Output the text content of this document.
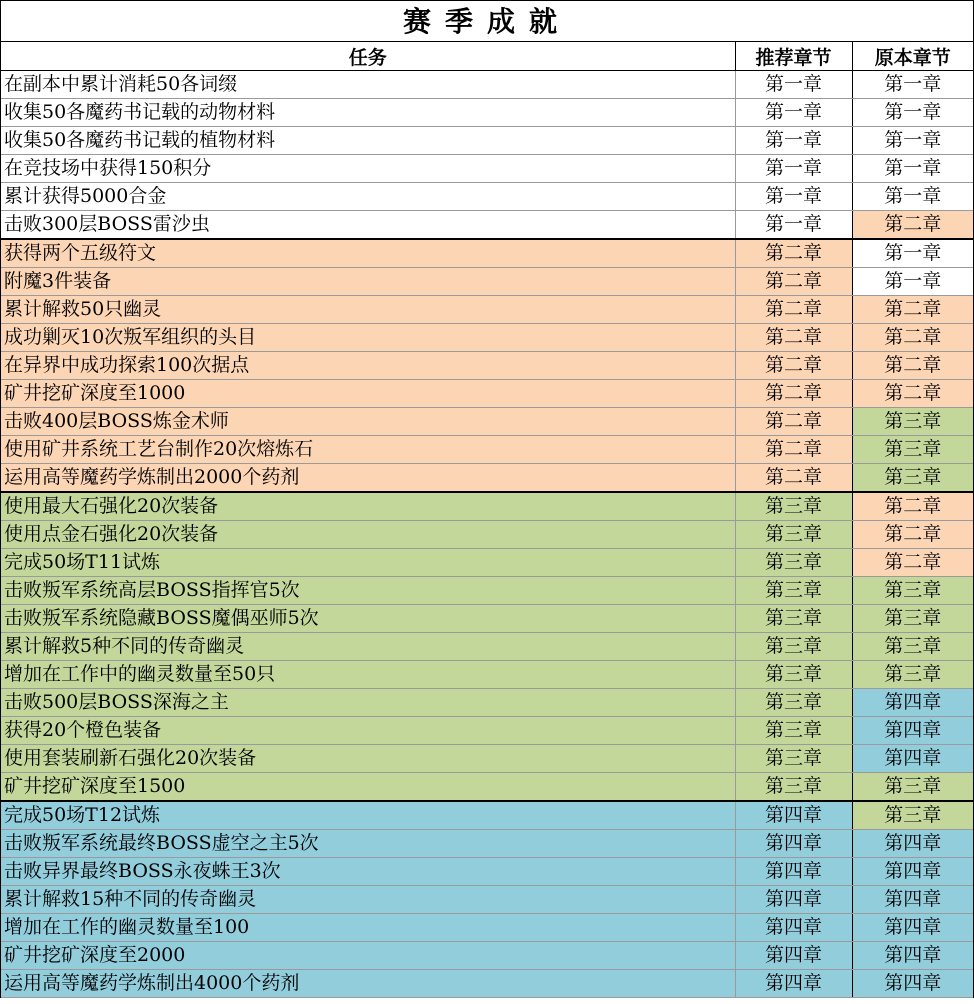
赛季成就
任务	推荐章节	原本章节
在副本中累计消耗50各词缀	第一章	第一章
收集50各魔药书记载的动物材料	第一章	第一章
收集50各魔药书记载的植物材料	第一章	第一章
在竞技场中获得150积分	第一章	第一章
累计获得5000合金	第一章	第一章
击败300层BOSS雷沙虫	第一章	第二章
获得两个五级符文	第二章	第一章
附魔3件装备	第二章	第一章
累计解救50只幽灵	第二章	第二章
成功剿灭10次叛军组织的头目	第二章	第二章
在异界中成功探索100次据点	第二章	第二章
矿井挖矿深度至1000	第二章	第二章
击败400层BOSS炼金术师	第二章	第三章
使用矿井系统工艺台制作20次熔炼石	第二章	第三章
运用高等魔药学炼制出2000个药剂	第二章	第三章
使用最大石强化20次装备	第三章	第二章
使用点金石强化20次装备	第三章	第二章
完成50场T11试炼	第三章	第二章
击败叛军系统高层BOSS指挥官5次	第三章	第三章
击败叛军系统隐藏BOSS魔偶巫师5次	第三章	第三章
累计解救5种不同的传奇幽灵	第三章	第三章
增加在工作中的幽灵数量至50只	第三章	第三章
击败500层BOSS深海之主	第三章	第四章
获得20个橙色装备	第三章	第四章
使用套装刷新石强化20次装备	第三章	第四章
矿井挖矿深度至1500	第三章	第三章
完成50场T12试炼	第四章	第三章
击败叛军系统最终BOSS虚空之主5次	第四章	第四章
击败异界最终BOSS永夜蛛王3次	第四章	第四章
累计解救15种不同的传奇幽灵	第四章	第四章
增加在工作的幽灵数量至100	第四章	第四章
矿井挖矿深度至2000	第四章	第四章
运用高等魔药学炼制出4000个药剂	第四章	第四章
